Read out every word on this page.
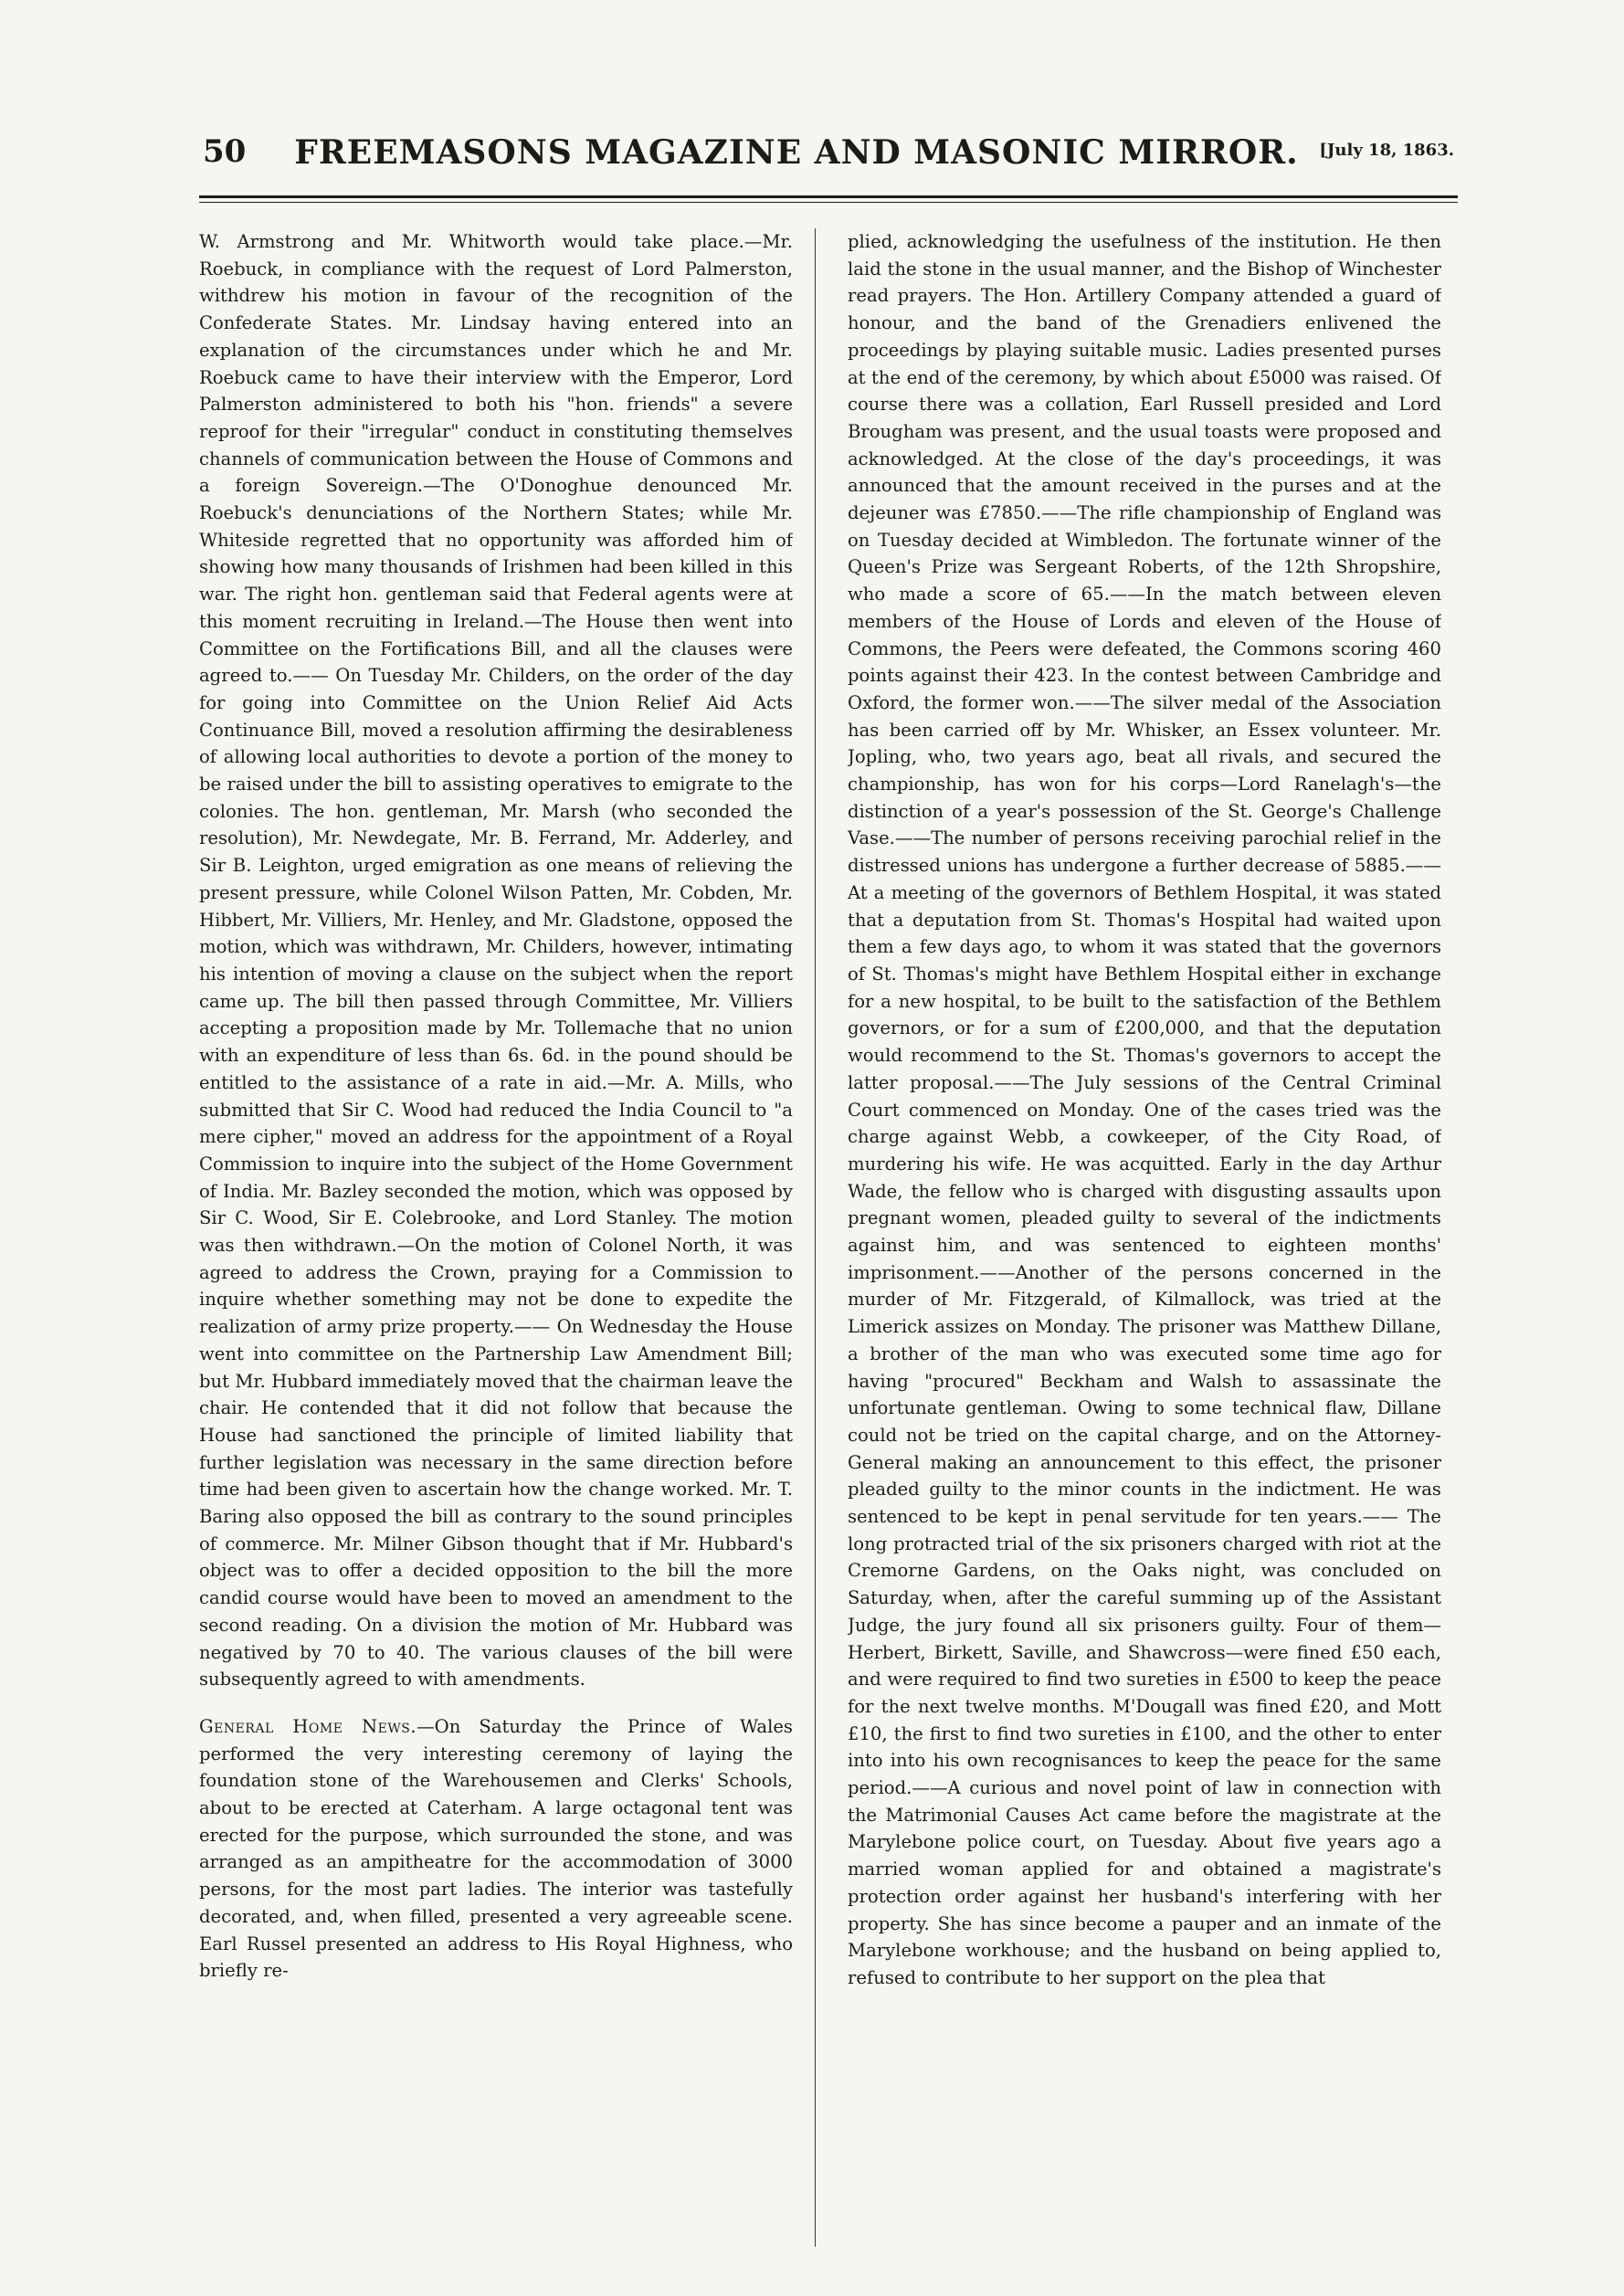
50	FREEMASONS MAGAZINE AND MASONIC MIRROR.	[July 18, 1863.

W. Armstrong and Mr. Whitworth would take place.—Mr. Roebuck, in compliance with the request of Lord Palmerston, withdrew his motion in favour of the recognition of the Confederate States. Mr. Lindsay having entered into an explanation of the circumstances under which he and Mr. Roebuck came to have their interview with the Emperor, Lord Palmerston administered to both his "hon. friends" a severe reproof for their "irregular" conduct in constituting themselves channels of communication between the House of Commons and a foreign Sovereign.—The O'Donoghue denounced Mr. Roebuck's denunciations of the Northern States; while Mr. Whiteside regretted that no opportunity was afforded him of showing how many thousands of Irishmen had been killed in this war. The right hon. gentleman said that Federal agents were at this moment recruiting in Ireland.—The House then went into Committee on the Fortifications Bill, and all the clauses were agreed to.—— On Tuesday Mr. Childers, on the order of the day for going into Committee on the Union Relief Aid Acts Continuance Bill, moved a resolution affirming the desirableness of allowing local authorities to devote a portion of the money to be raised under the bill to assisting operatives to emigrate to the colonies. The hon. gentleman, Mr. Marsh (who seconded the resolution), Mr. Newdegate, Mr. B. Ferrand, Mr. Adderley, and Sir B. Leighton, urged emigration as one means of relieving the present pressure, while Colonel Wilson Patten, Mr. Cobden, Mr. Hibbert, Mr. Villiers, Mr. Henley, and Mr. Gladstone, opposed the motion, which was withdrawn, Mr. Childers, however, intimating his intention of moving a clause on the subject when the report came up. The bill then passed through Committee, Mr. Villiers accepting a proposition made by Mr. Tollemache that no union with an expenditure of less than 6s. 6d. in the pound should be entitled to the assistance of a rate in aid.—Mr. A. Mills, who submitted that Sir C. Wood had reduced the India Council to "a mere cipher," moved an address for the appointment of a Royal Commission to inquire into the subject of the Home Government of India. Mr. Bazley seconded the motion, which was opposed by Sir C. Wood, Sir E. Colebrooke, and Lord Stanley. The motion was then withdrawn.—On the motion of Colonel North, it was agreed to address the Crown, praying for a Commission to inquire whether something may not be done to expedite the realization of army prize property.—— On Wednesday the House went into committee on the Partnership Law Amendment Bill; but Mr. Hubbard immediately moved that the chairman leave the chair. He contended that it did not follow that because the House had sanctioned the principle of limited liability that further legislation was necessary in the same direction before time had been given to ascertain how the change worked. Mr. T. Baring also opposed the bill as contrary to the sound principles of commerce. Mr. Milner Gibson thought that if Mr. Hubbard's object was to offer a decided opposition to the bill the more candid course would have been to moved an amendment to the second reading. On a division the motion of Mr. Hubbard was negatived by 70 to 40. The various clauses of the bill were subsequently agreed to with amendments.

General Home News.—On Saturday the Prince of Wales performed the very interesting ceremony of laying the foundation stone of the Warehousemen and Clerks' Schools, about to be erected at Caterham. A large octagonal tent was erected for the purpose, which surrounded the stone, and was arranged as an ampitheatre for the accommodation of 3000 persons, for the most part ladies. The interior was tastefully decorated, and, when filled, presented a very agreeable scene. Earl Russel presented an address to His Royal Highness, who briefly re-

plied, acknowledging the usefulness of the institution. He then laid the stone in the usual manner, and the Bishop of Winchester read prayers. The Hon. Artillery Company attended a guard of honour, and the band of the Grenadiers enlivened the proceedings by playing suitable music. Ladies presented purses at the end of the ceremony, by which about £5000 was raised. Of course there was a collation, Earl Russell presided and Lord Brougham was present, and the usual toasts were proposed and acknowledged. At the close of the day's proceedings, it was announced that the amount received in the purses and at the dejeuner was £7850.——The rifle championship of England was on Tuesday decided at Wimbledon. The fortunate winner of the Queen's Prize was Sergeant Roberts, of the 12th Shropshire, who made a score of 65.——In the match between eleven members of the House of Lords and eleven of the House of Commons, the Peers were defeated, the Commons scoring 460 points against their 423. In the contest between Cambridge and Oxford, the former won.——The silver medal of the Association has been carried off by Mr. Whisker, an Essex volunteer. Mr. Jopling, who, two years ago, beat all rivals, and secured the championship, has won for his corps—Lord Ranelagh's—the distinction of a year's possession of the St. George's Challenge Vase.——The number of persons receiving parochial relief in the distressed unions has undergone a further decrease of 5885.——At a meeting of the governors of Bethlem Hospital, it was stated that a deputation from St. Thomas's Hospital had waited upon them a few days ago, to whom it was stated that the governors of St. Thomas's might have Bethlem Hospital either in exchange for a new hospital, to be built to the satisfaction of the Bethlem governors, or for a sum of £200,000, and that the deputation would recommend to the St. Thomas's governors to accept the latter proposal.——The July sessions of the Central Criminal Court commenced on Monday. One of the cases tried was the charge against Webb, a cowkeeper, of the City Road, of murdering his wife. He was acquitted. Early in the day Arthur Wade, the fellow who is charged with disgusting assaults upon pregnant women, pleaded guilty to several of the indictments against him, and was sentenced to eighteen months' imprisonment.——Another of the persons concerned in the murder of Mr. Fitzgerald, of Kilmallock, was tried at the Limerick assizes on Monday. The prisoner was Matthew Dillane, a brother of the man who was executed some time ago for having "procured" Beckham and Walsh to assassinate the unfortunate gentleman. Owing to some technical flaw, Dillane could not be tried on the capital charge, and on the Attorney-General making an announcement to this effect, the prisoner pleaded guilty to the minor counts in the indictment. He was sentenced to be kept in penal servitude for ten years.—— The long protracted trial of the six prisoners charged with riot at the Cremorne Gardens, on the Oaks night, was concluded on Saturday, when, after the careful summing up of the Assistant Judge, the jury found all six prisoners guilty. Four of them—Herbert, Birkett, Saville, and Shawcross—were fined £50 each, and were required to find two sureties in £500 to keep the peace for the next twelve months. M'Dougall was fined £20, and Mott £10, the first to find two sureties in £100, and the other to enter into into his own recognisances to keep the peace for the same period.——A curious and novel point of law in connection with the Matrimonial Causes Act came before the magistrate at the Marylebone police court, on Tuesday. About five years ago a married woman applied for and obtained a magistrate's protection order against her husband's interfering with her property. She has since become a pauper and an inmate of the Marylebone workhouse; and the husband on being applied to, refused to contribute to her support on the plea that
